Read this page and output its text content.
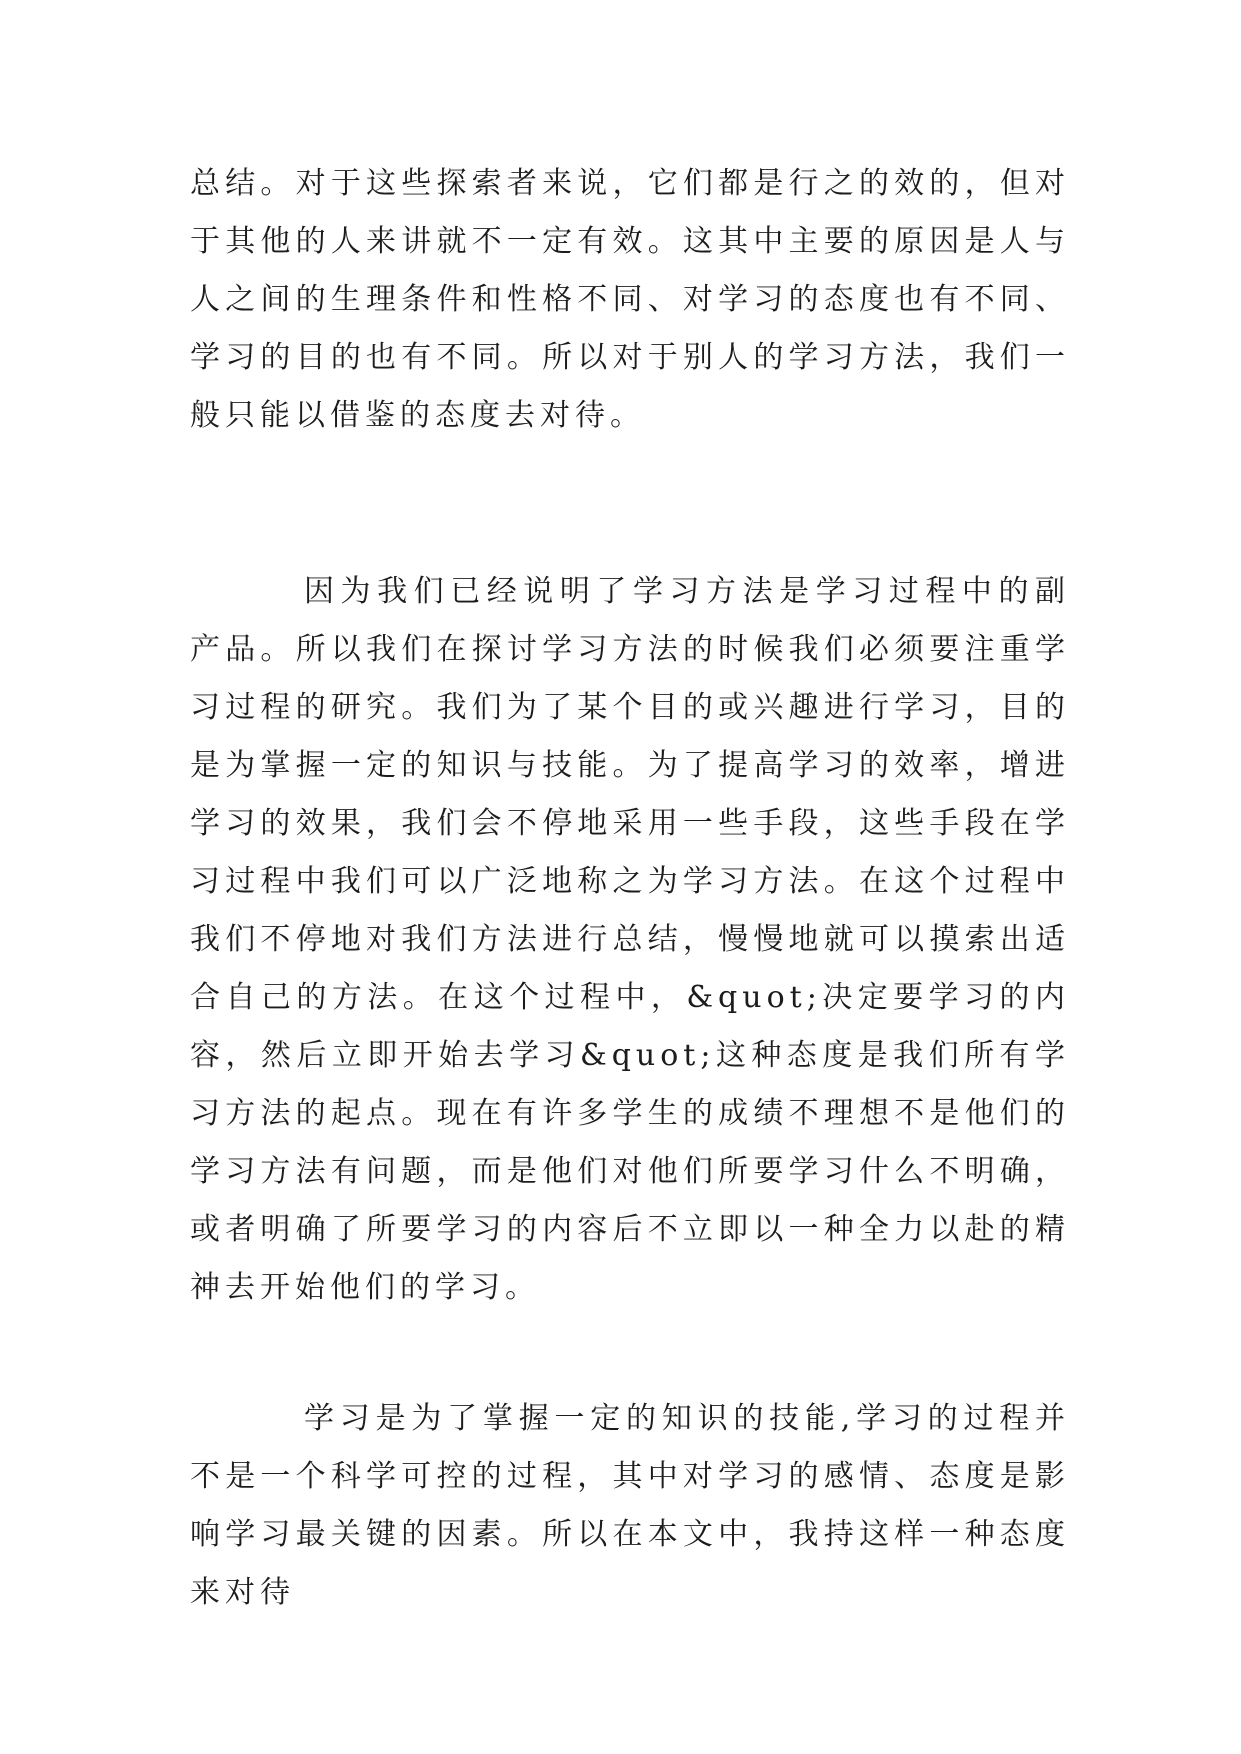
总结。对于这些探索者来说，它们都是行之的效的，但对于其他的人来讲就不一定有效。这其中主要的原因是人与人之间的生理条件和性格不同、对学习的态度也有不同、学习的目的也有不同。所以对于别人的学习方法，我们一般只能以借鉴的态度去对待。

因为我们已经说明了学习方法是学习过程中的副产品。所以我们在探讨学习方法的时候我们必须要注重学习过程的研究。我们为了某个目的或兴趣进行学习，目的是为掌握一定的知识与技能。为了提高学习的效率，增进学习的效果，我们会不停地采用一些手段，这些手段在学习过程中我们可以广泛地称之为学习方法。在这个过程中我们不停地对我们方法进行总结，慢慢地就可以摸索出适合自己的方法。在这个过程中，&quot;决定要学习的内容，然后立即开始去学习&quot;这种态度是我们所有学习方法的起点。现在有许多学生的成绩不理想不是他们的学习方法有问题，而是他们对他们所要学习什么不明确，或者明确了所要学习的内容后不立即以一种全力以赴的精神去开始他们的学习。

学习是为了掌握一定的知识的技能,学习的过程并不是一个科学可控的过程，其中对学习的感情、态度是影响学习最关键的因素。所以在本文中，我持这样一种态度来对待
